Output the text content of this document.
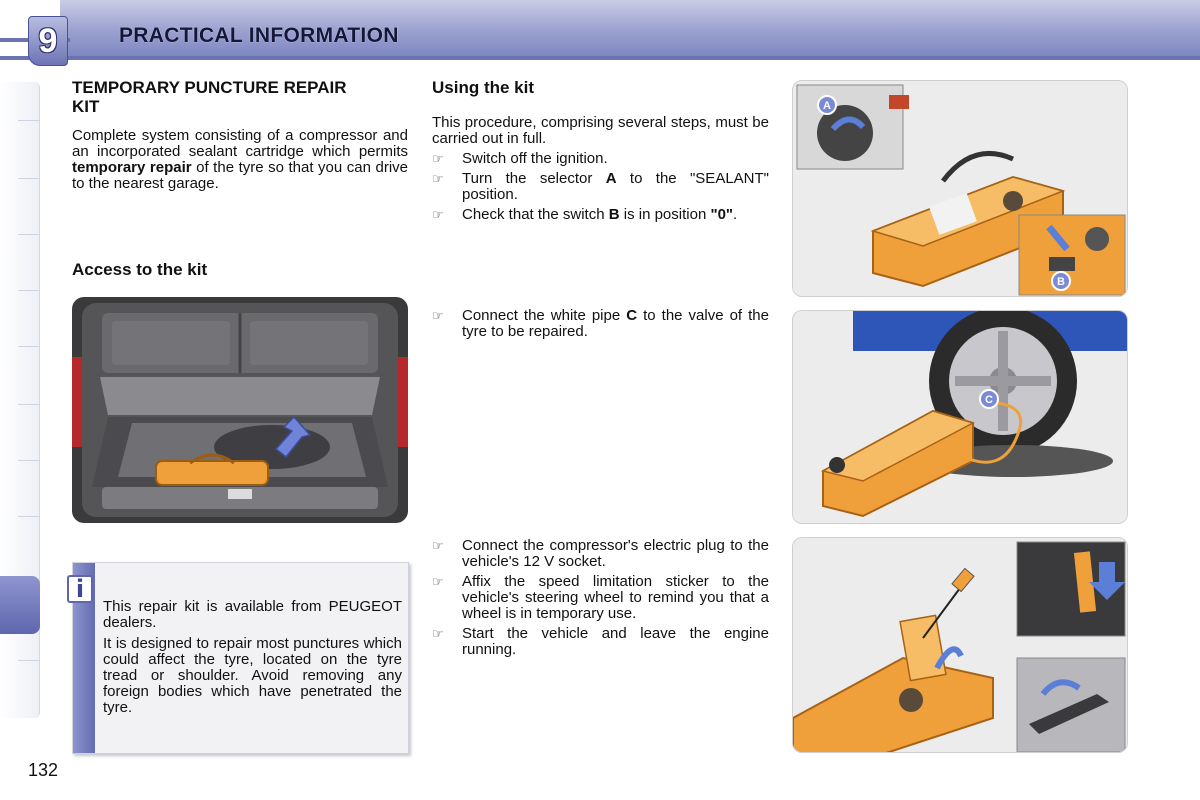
9	PRACTICAL INFORMATION
TEMPORARY PUNCTURE REPAIR KIT

Complete system consisting of a compressor and an incorporated sealant cartridge which permits temporary repair of the tyre so that you can drive to the nearest garage.

Access to the kit
i

This repair kit is available from PEUGEOT dealers.

It is designed to repair most punctures which could affect the tyre, located on the tyre tread or shoulder. Avoid removing any foreign bodies which have penetrated the tyre.

Using the kit

This procedure, comprising several steps, must be carried out in full.

☞ Switch off the ignition.
☞ Turn the selector A to the "SEALANT" position.
☞ Check that the switch B is in position "0".
☞ Connect the white pipe C to the valve of the tyre to be repaired.
☞ Connect the compressor's electric plug to the vehicle's 12 V socket.
☞ Affix the speed limitation sticker to the vehicle's steering wheel to remind you that a wheel is in temporary use.
☞ Start the vehicle and leave the engine running.
A
B
C
132
